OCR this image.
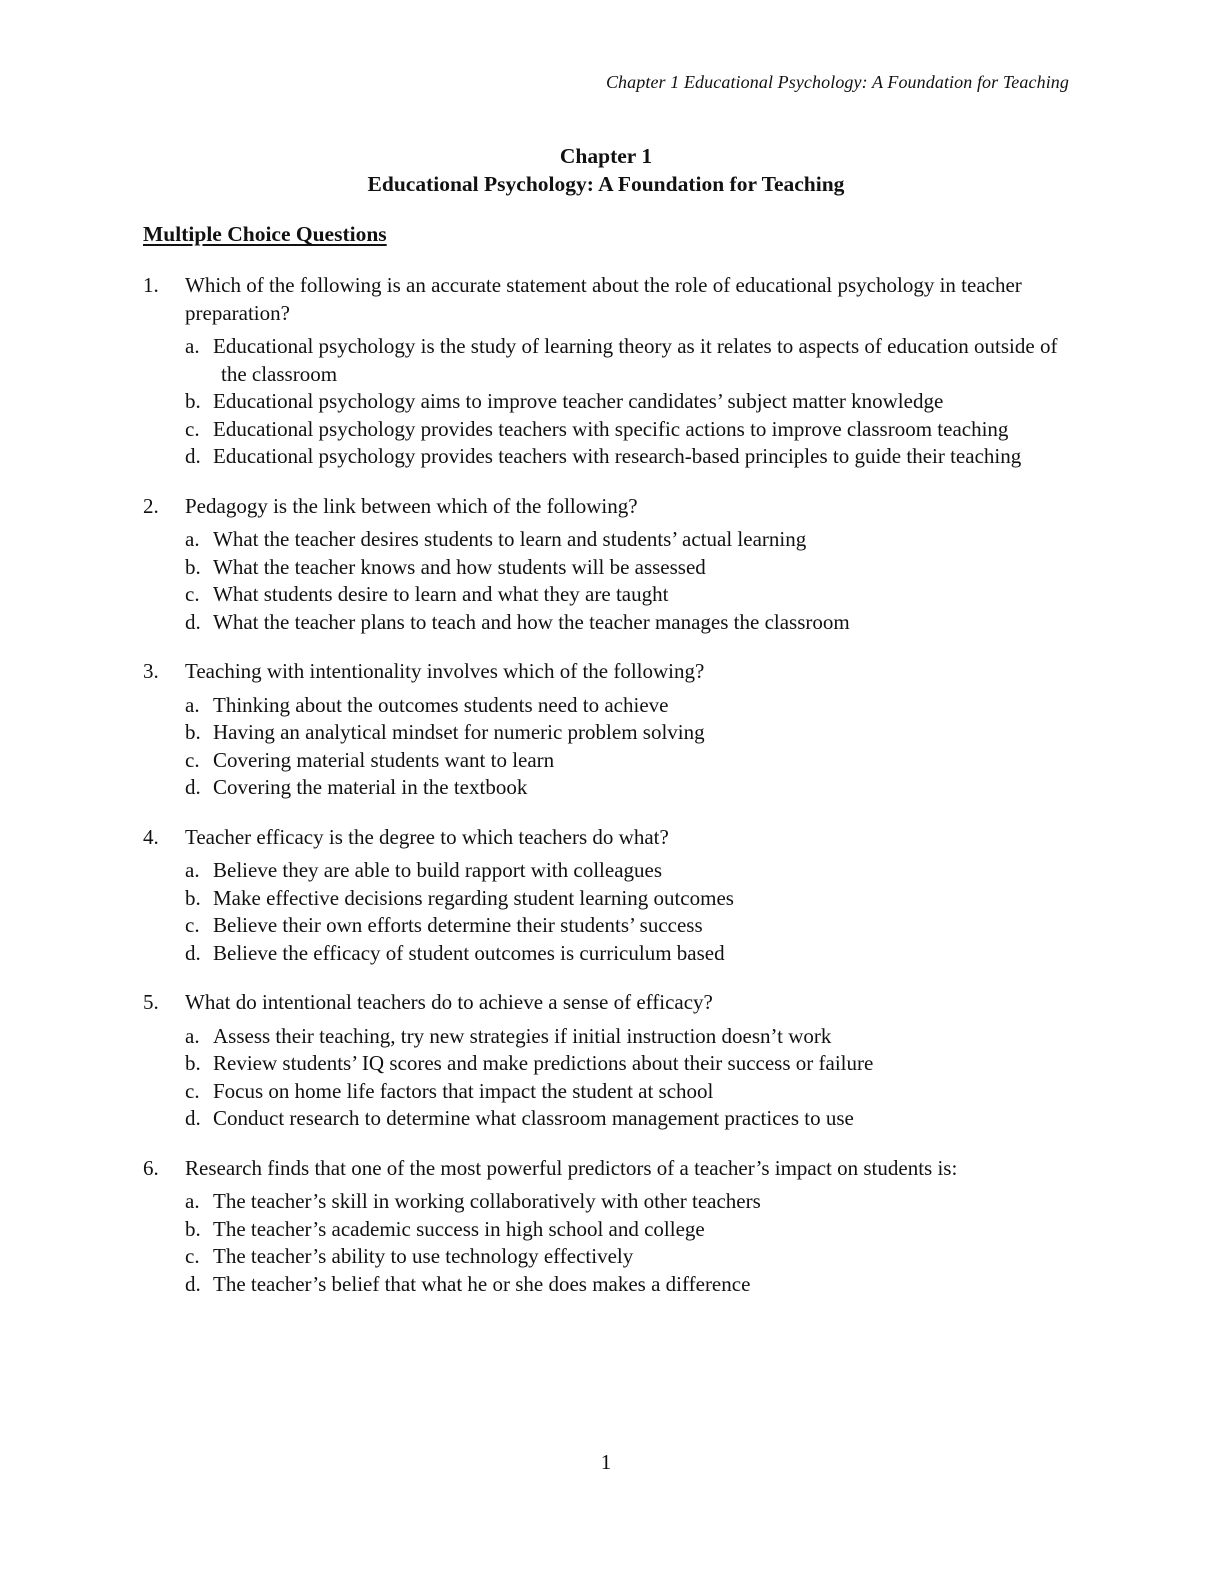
Chapter 1 Educational Psychology: A Foundation for Teaching
Chapter 1
Educational Psychology: A Foundation for Teaching
Multiple Choice Questions
1. Which of the following is an accurate statement about the role of educational psychology in teacher preparation?
a. Educational psychology is the study of learning theory as it relates to aspects of education outside of the classroom
b. Educational psychology aims to improve teacher candidates’ subject matter knowledge
c. Educational psychology provides teachers with specific actions to improve classroom teaching
d. Educational psychology provides teachers with research-based principles to guide their teaching
2. Pedagogy is the link between which of the following?
a. What the teacher desires students to learn and students’ actual learning
b. What the teacher knows and how students will be assessed
c. What students desire to learn and what they are taught
d. What the teacher plans to teach and how the teacher manages the classroom
3. Teaching with intentionality involves which of the following?
a. Thinking about the outcomes students need to achieve
b. Having an analytical mindset for numeric problem solving
c. Covering material students want to learn
d. Covering the material in the textbook
4. Teacher efficacy is the degree to which teachers do what?
a. Believe they are able to build rapport with colleagues
b. Make effective decisions regarding student learning outcomes
c. Believe their own efforts determine their students’ success
d. Believe the efficacy of student outcomes is curriculum based
5. What do intentional teachers do to achieve a sense of efficacy?
a. Assess their teaching, try new strategies if initial instruction doesn’t work
b. Review students’ IQ scores and make predictions about their success or failure
c. Focus on home life factors that impact the student at school
d. Conduct research to determine what classroom management practices to use
6. Research finds that one of the most powerful predictors of a teacher’s impact on students is:
a. The teacher’s skill in working collaboratively with other teachers
b. The teacher’s academic success in high school and college
c. The teacher’s ability to use technology effectively
d. The teacher’s belief that what he or she does makes a difference
1
